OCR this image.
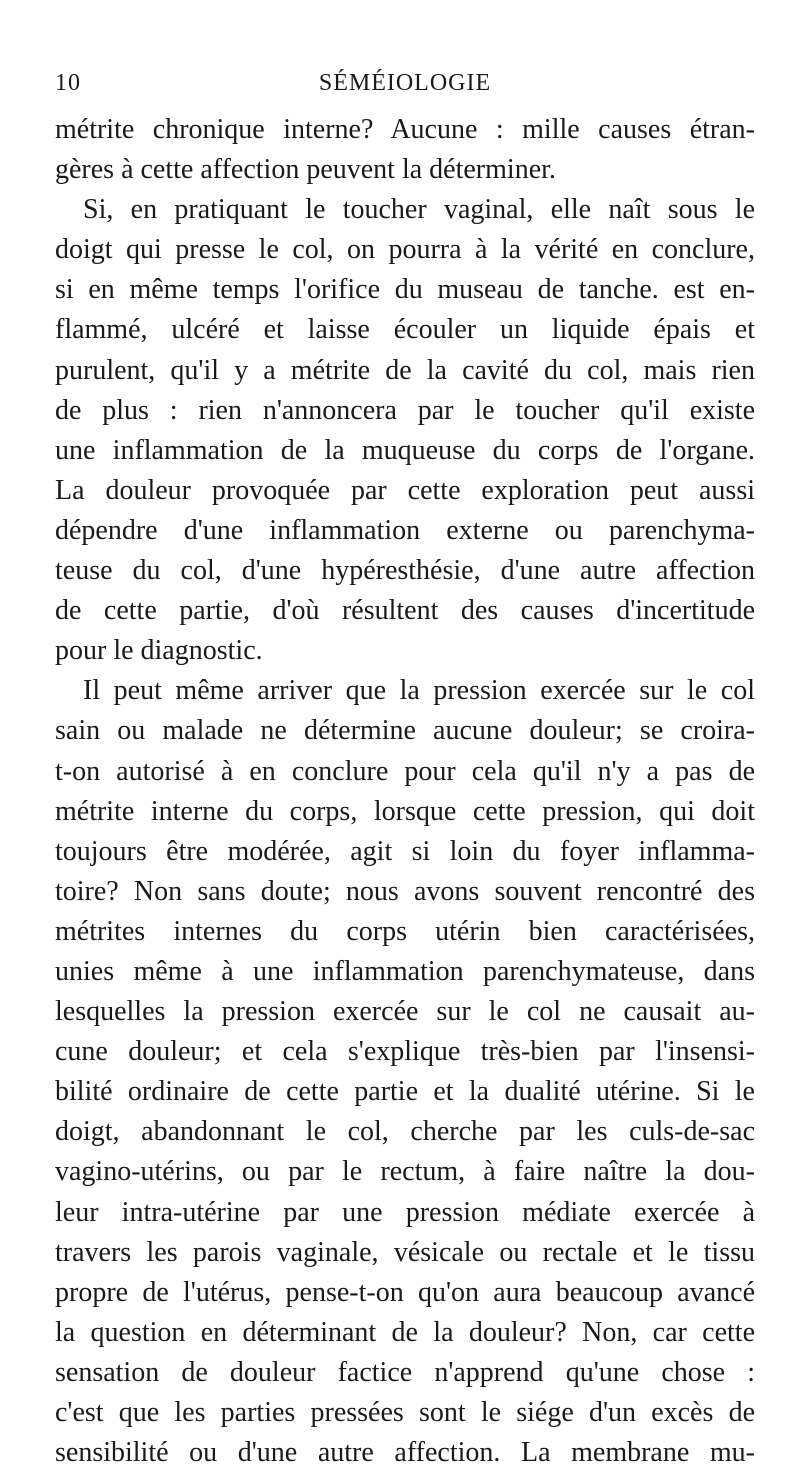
10	SÉMÉIOLOGIE
métrite chronique interne? Aucune : mille causes étran-
gères à cette affection peuvent la déterminer.
Si, en pratiquant le toucher vaginal, elle naît sous le
doigt qui presse le col, on pourra à la vérité en conclure,
si en même temps l'orifice du museau de tanche. est en-
flammé, ulcéré et laisse écouler un liquide épais et
purulent, qu'il y a métrite de la cavité du col, mais rien
de plus : rien n'annoncera par le toucher qu'il existe
une inflammation de la muqueuse du corps de l'organe.
La douleur provoquée par cette exploration peut aussi
dépendre d'une inflammation externe ou parenchyma-
teuse du col, d'une hypéresthésie, d'une autre affection
de cette partie, d'où résultent des causes d'incertitude
pour le diagnostic.
Il peut même arriver que la pression exercée sur le col
sain ou malade ne détermine aucune douleur; se croira-
t-on autorisé à en conclure pour cela qu'il n'y a pas de
métrite interne du corps, lorsque cette pression, qui doit
toujours être modérée, agit si loin du foyer inflamma-
toire? Non sans doute; nous avons souvent rencontré des
métrites internes du corps utérin bien caractérisées,
unies même à une inflammation parenchymateuse, dans
lesquelles la pression exercée sur le col ne causait au-
cune douleur; et cela s'explique très-bien par l'insensi-
bilité ordinaire de cette partie et la dualité utérine. Si le
doigt, abandonnant le col, cherche par les culs-de-sac
vagino-utérins, ou par le rectum, à faire naître la dou-
leur intra-utérine par une pression médiate exercée à
travers les parois vaginale, vésicale ou rectale et le tissu
propre de l'utérus, pense-t-on qu'on aura beaucoup avancé
la question en déterminant de la douleur? Non, car cette
sensation de douleur factice n'apprend qu'une chose :
c'est que les parties pressées sont le siége d'un excès de
sensibilité ou d'une autre affection. La membrane mu-
